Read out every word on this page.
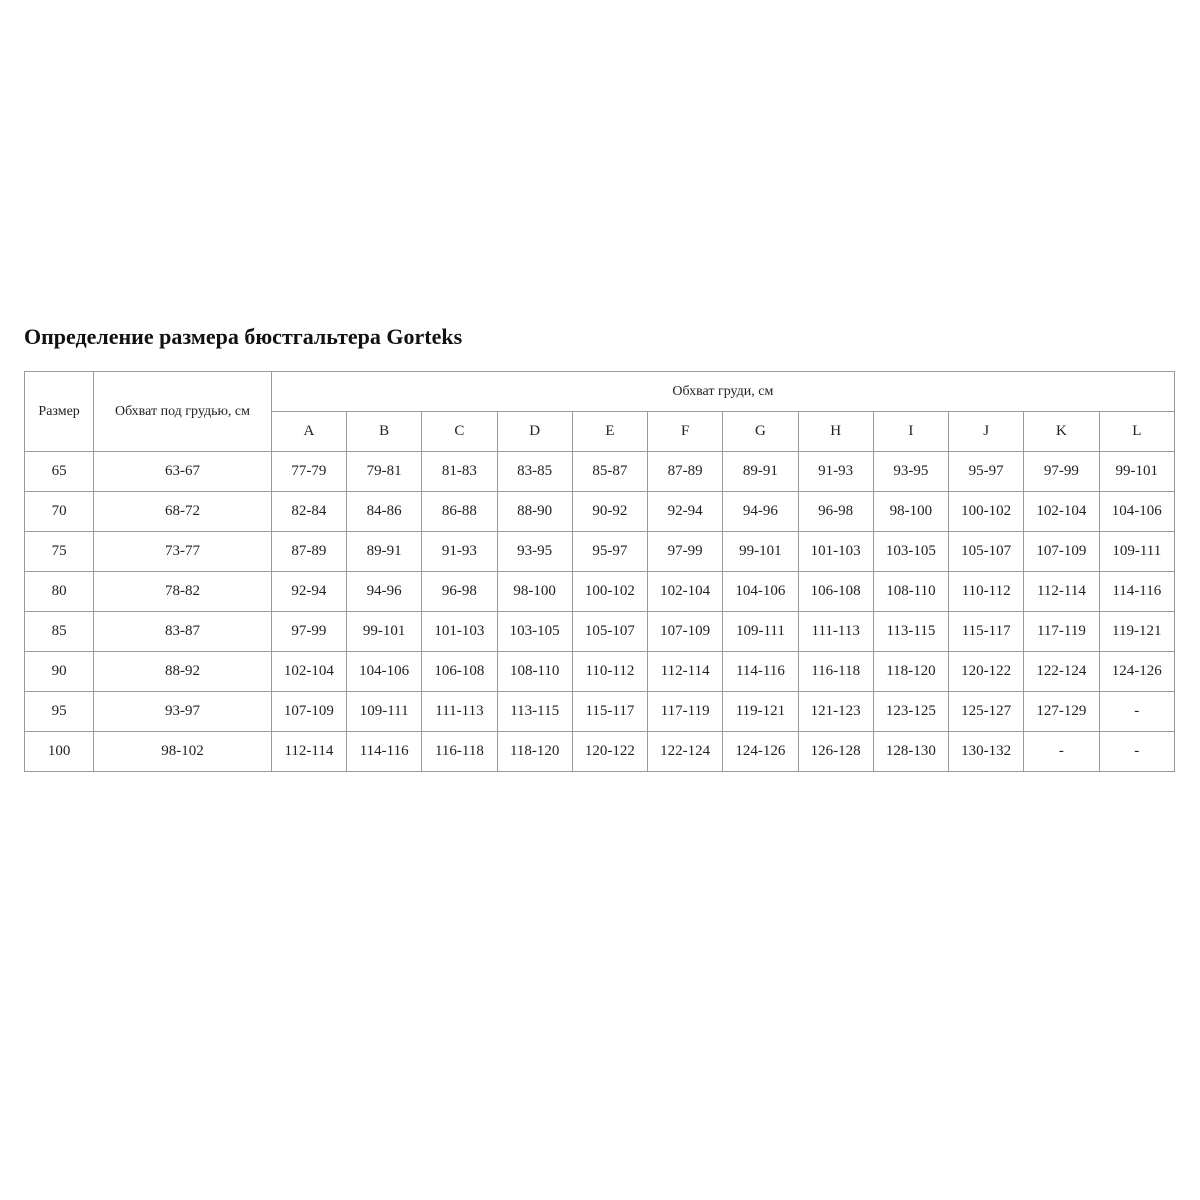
Определение размера бюстгальтера Gorteks
Размер	Обхват под грудью, см	Обхват груди, см											
		A	B	C	D	E	F	G	H	I	J	K	L
65	63-67	77-79	79-81	81-83	83-85	85-87	87-89	89-91	91-93	93-95	95-97	97-99	99-101
70	68-72	82-84	84-86	86-88	88-90	90-92	92-94	94-96	96-98	98-100	100-102	102-104	104-106
75	73-77	87-89	89-91	91-93	93-95	95-97	97-99	99-101	101-103	103-105	105-107	107-109	109-111
80	78-82	92-94	94-96	96-98	98-100	100-102	102-104	104-106	106-108	108-110	110-112	112-114	114-116
85	83-87	97-99	99-101	101-103	103-105	105-107	107-109	109-111	111-113	113-115	115-117	117-119	119-121
90	88-92	102-104	104-106	106-108	108-110	110-112	112-114	114-116	116-118	118-120	120-122	122-124	124-126
95	93-97	107-109	109-111	111-113	113-115	115-117	117-119	119-121	121-123	123-125	125-127	127-129	-
100	98-102	112-114	114-116	116-118	118-120	120-122	122-124	124-126	126-128	128-130	130-132	-	-
